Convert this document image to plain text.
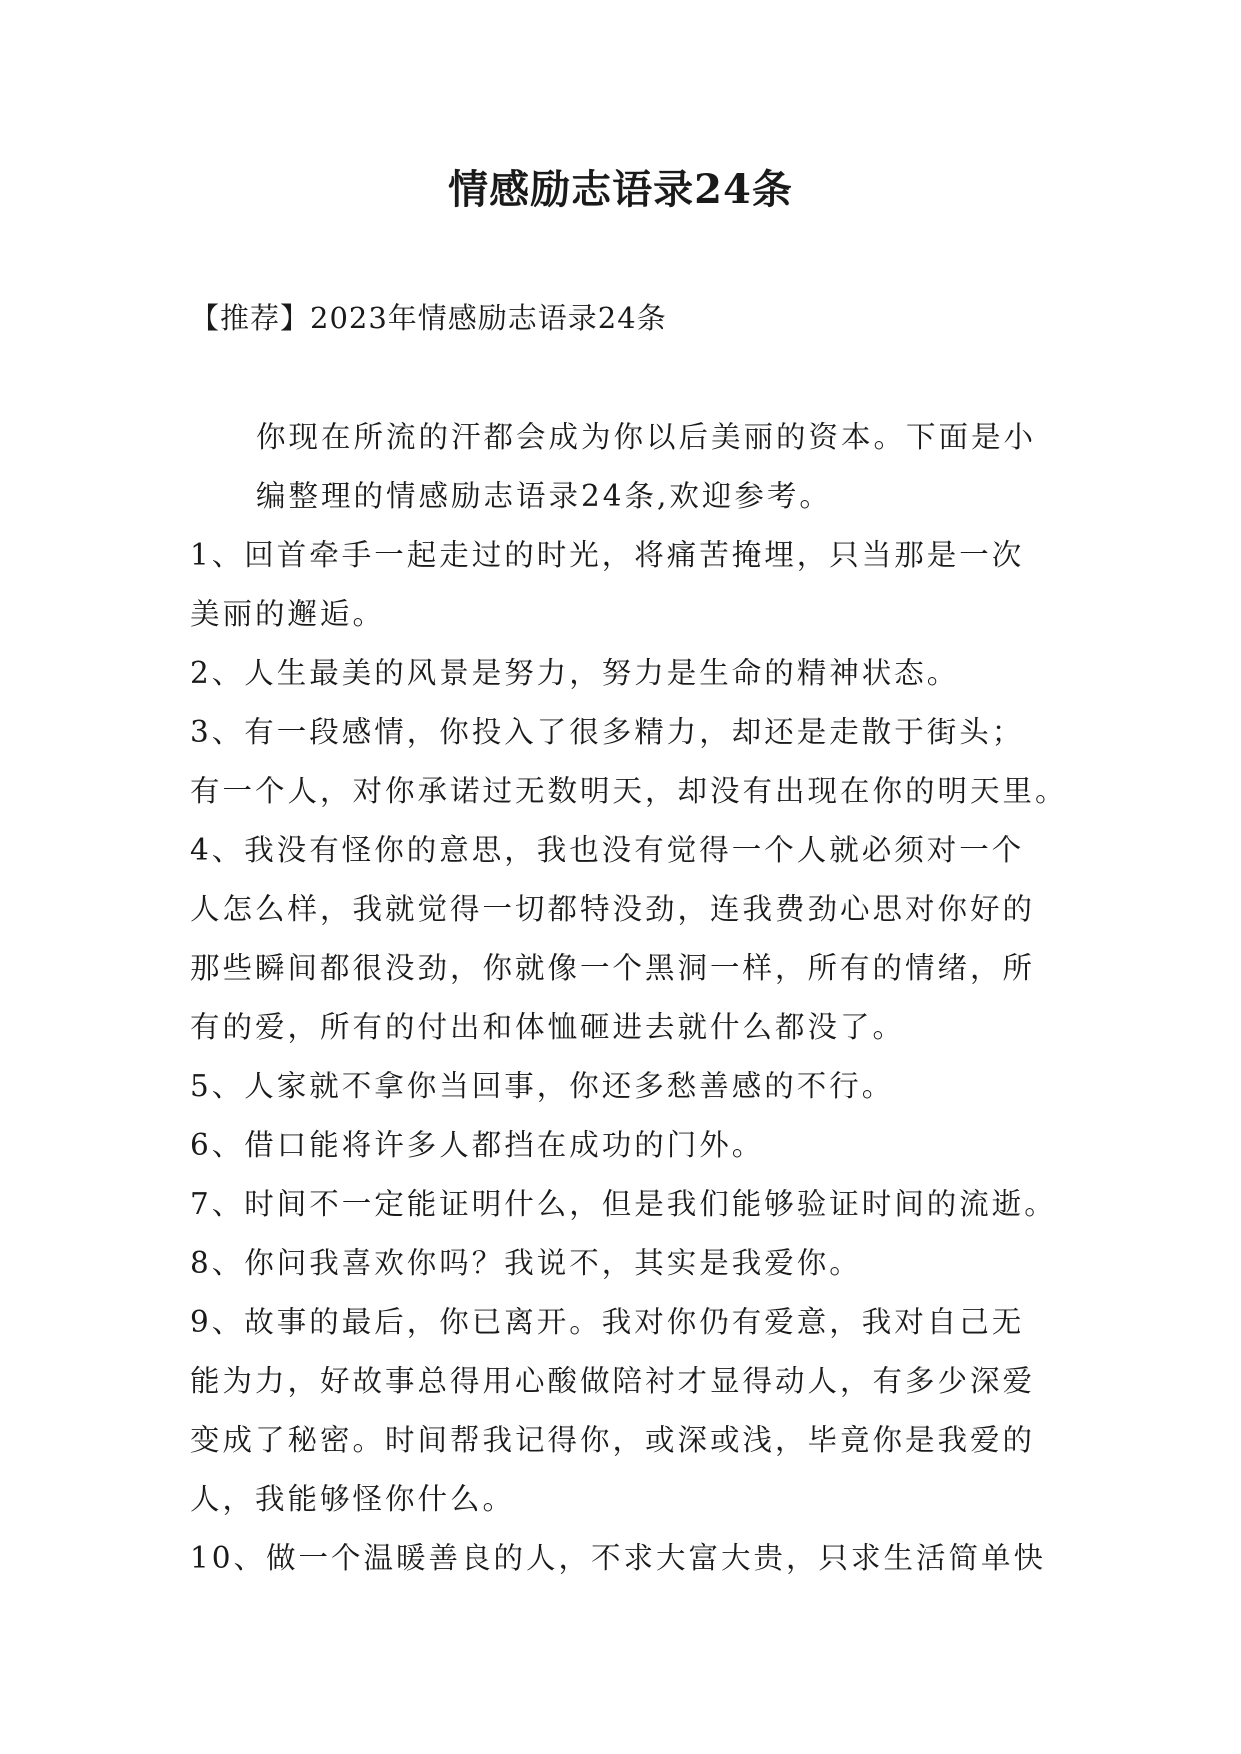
情感励志语录24条

【推荐】2023年情感励志语录24条

你现在所流的汗都会成为你以后美丽的资本。下面是小
编整理的情感励志语录24条,欢迎参考。

1、回首牵手一起走过的时光，将痛苦掩埋，只当那是一次
美丽的邂逅。

2、人生最美的风景是努力，努力是生命的精神状态。

3、有一段感情，你投入了很多精力，却还是走散于街头；
有一个人，对你承诺过无数明天，却没有出现在你的明天里。

4、我没有怪你的意思，我也没有觉得一个人就必须对一个
人怎么样，我就觉得一切都特没劲，连我费劲心思对你好的
那些瞬间都很没劲，你就像一个黑洞一样，所有的情绪，所
有的爱，所有的付出和体恤砸进去就什么都没了。

5、人家就不拿你当回事，你还多愁善感的不行。

6、借口能将许多人都挡在成功的门外。

7、时间不一定能证明什么，但是我们能够验证时间的流逝。

8、你问我喜欢你吗？我说不，其实是我爱你。

9、故事的最后，你已离开。我对你仍有爱意，我对自己无
能为力，好故事总得用心酸做陪衬才显得动人，有多少深爱
变成了秘密。时间帮我记得你，或深或浅，毕竟你是我爱的
人，我能够怪你什么。

10、做一个温暖善良的人，不求大富大贵，只求生活简单快
